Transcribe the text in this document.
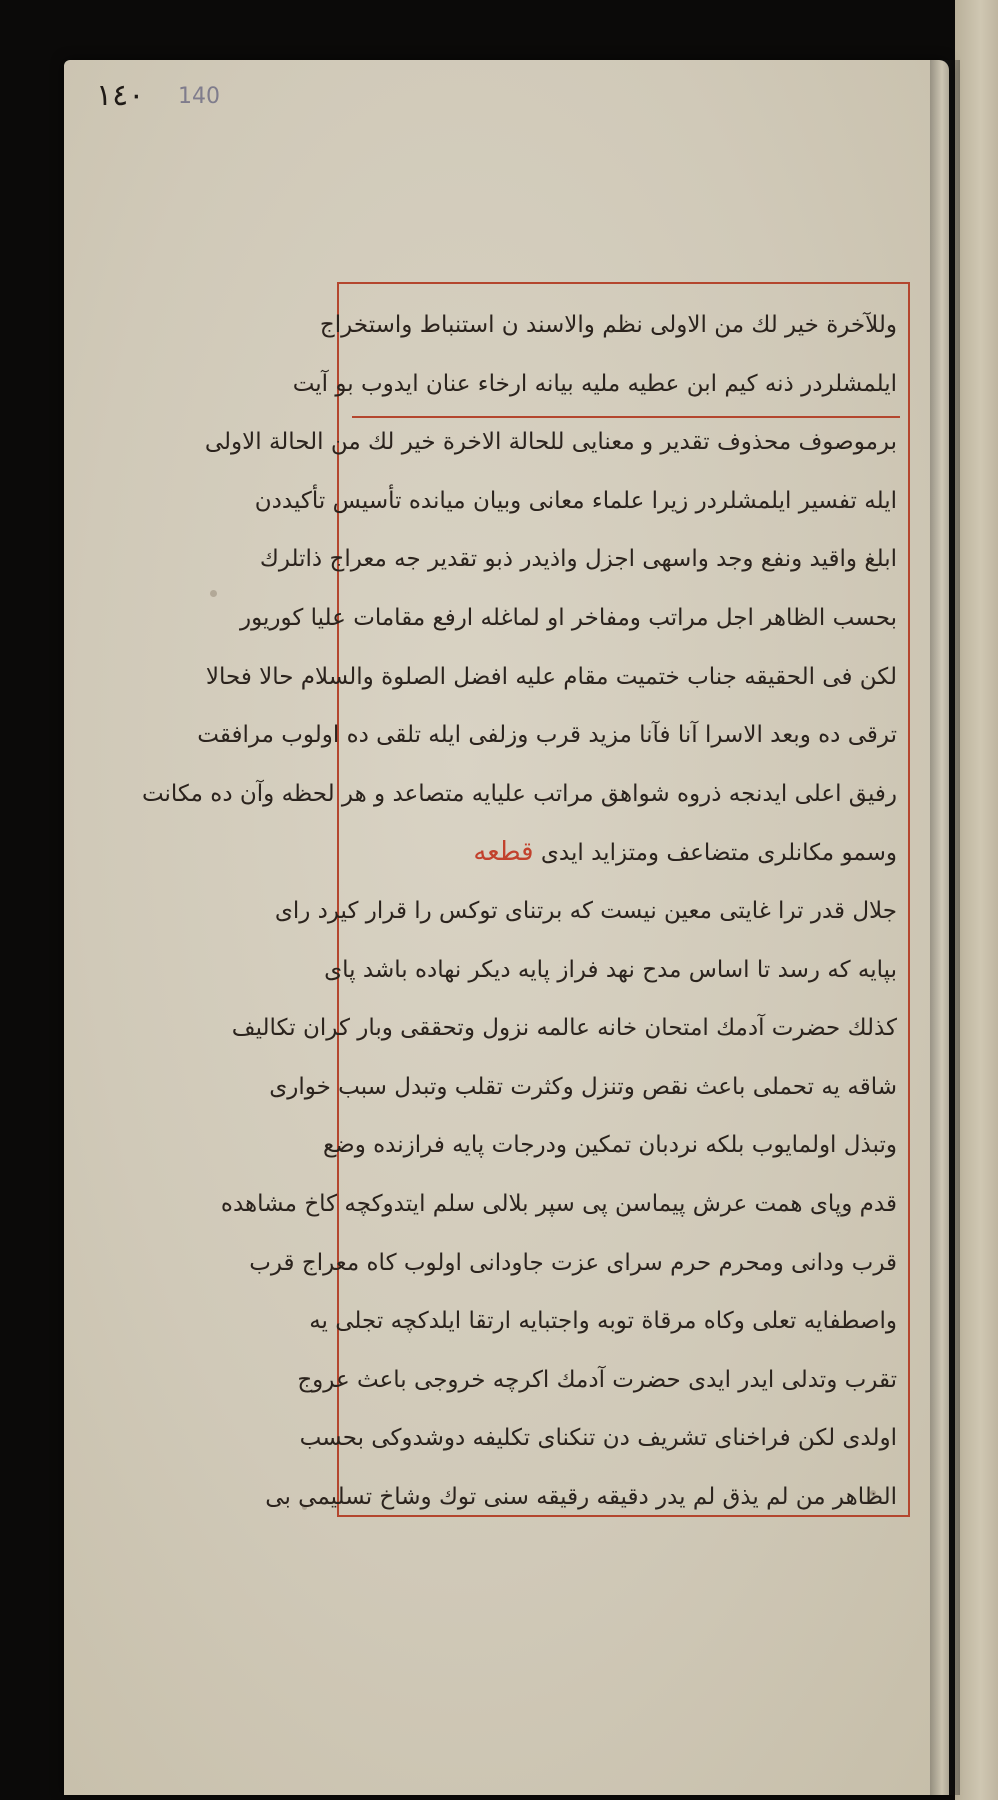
١٤٠ 140
وللآخرة خير لك من الاولى نظم والاسند ن استنباط واستخراج
ايلمشلردر ذنه كيم ابن عطيه مليه بيانه ارخاء عنان ايدوب بو آيت
برموصوف محذوف تقدير و معنايى للحالة الاخرة خير لك من الحالة الاولى
ايله تفسير ايلمشلردر زيرا علماء معانى وبيان ميانده تأسيس تأكيددن
ابلغ واقيد ونفع وجد واسهى اجزل واذيدر ذبو تقدير جه معراج ذاتلرك
بحسب الظاهر اجل مراتب ومفاخر او لماغله ارفع مقامات عليا كوريور
لكن فى الحقيقه جناب ختميت مقام عليه افضل الصلوة والسلام حالا فحالا
ترقى ده وبعد الاسرا آنا فآنا مزيد قرب وزلفى ايله تلقى ده اولوب مرافقت
رفيق اعلى ايدنجه ذروه شواهق مراتب عليايه متصاعد و هر لحظه وآن ده مكانت
وسمو مكانلرى متضاعف ومتزايد ايدى قطعه
جلال قدر ترا غايتى معين نيست كه برتناى توكس را قرار كيرد راى
بپايه كه رسد تا اساس مدح نهد فراز پايه ديكر نهاده باشد پاى
كذلك حضرت آدمك امتحان خانه عالمه نزول وتحققى وبار كران تكاليف
شاقه يه تحملى باعث نقص وتنزل وكثرت تقلب وتبدل سبب خوارى
وتبذل اولمايوب بلكه نردبان تمكين ودرجات پايه فرازنده وضع
قدم وپاى همت عرش پيماسن پى سپر بلالى سلم ايتدوكچه كاخ مشاهده
قرب ودانى ومحرم حرم سراى عزت جاودانى اولوب كاه معراج قرب
واصطفايه تعلى وكاه مرقاة توبه واجتبايه ارتقا ايلدكچه تجلى يه
تقرب وتدلى ايدر ايدى حضرت آدمك اكرچه خروجى باعث عروج
اولدى لكن فراخناى تشريف دن تنكناى تكليفه دوشدوكى بحسب
الظاهر من لم يذق لم يدر دقيقه رقيقه سنى توك وشاخ تسليمى بى
